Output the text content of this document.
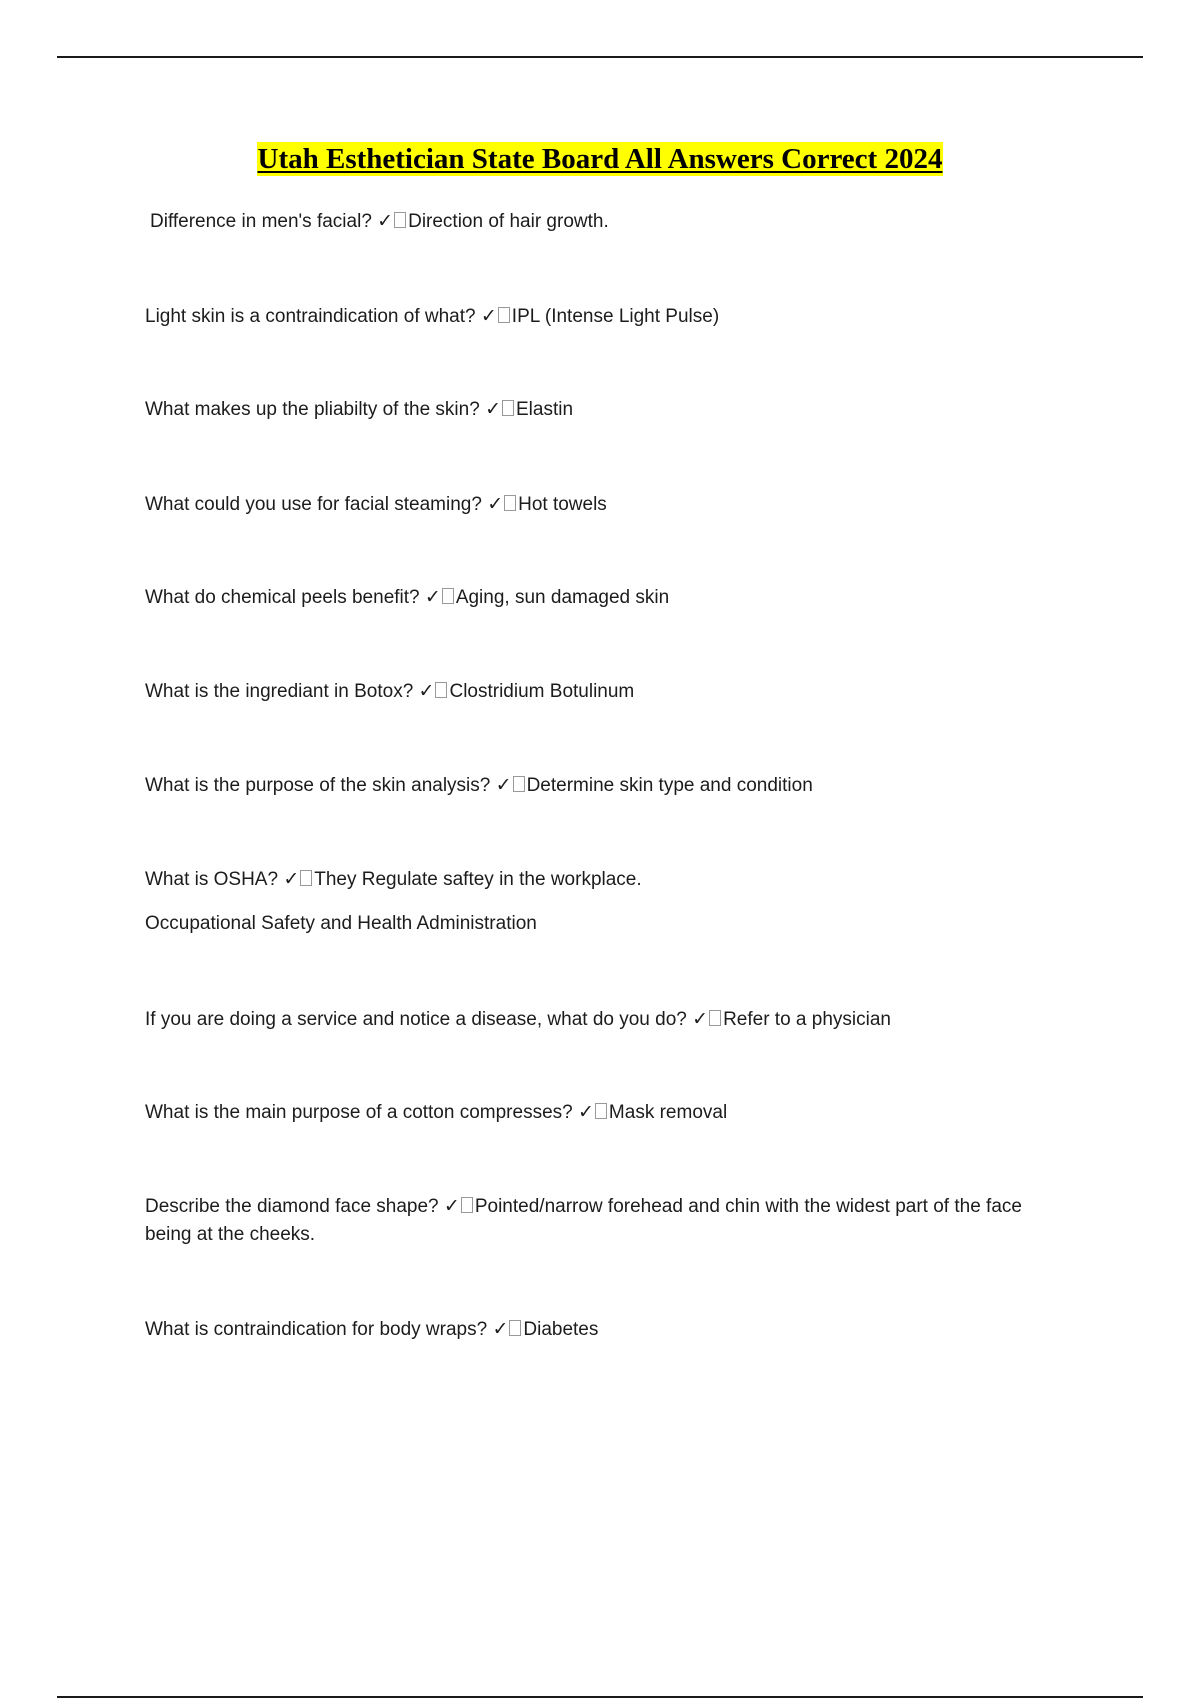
Utah Esthetician State Board All Answers Correct 2024
Difference in men's facial? ✓ Direction of hair growth.
Light skin is a contraindication of what? ✓ IPL (Intense Light Pulse)
What makes up the pliabilty of the skin? ✓ Elastin
What could you use for facial steaming? ✓ Hot towels
What do chemical peels benefit? ✓ Aging, sun damaged skin
What is the ingrediant in Botox? ✓ Clostridium Botulinum
What is the purpose of the skin analysis? ✓ Determine skin type and condition
What is OSHA? ✓ They Regulate saftey in the workplace.
Occupational Safety and Health Administration
If you are doing a service and notice a disease, what do you do? ✓ Refer to a physician
What is the main purpose of a cotton compresses? ✓ Mask removal
Describe the diamond face shape? ✓ Pointed/narrow forehead and chin with the widest part of the face being at the cheeks.
What is contraindication for body wraps? ✓ Diabetes
